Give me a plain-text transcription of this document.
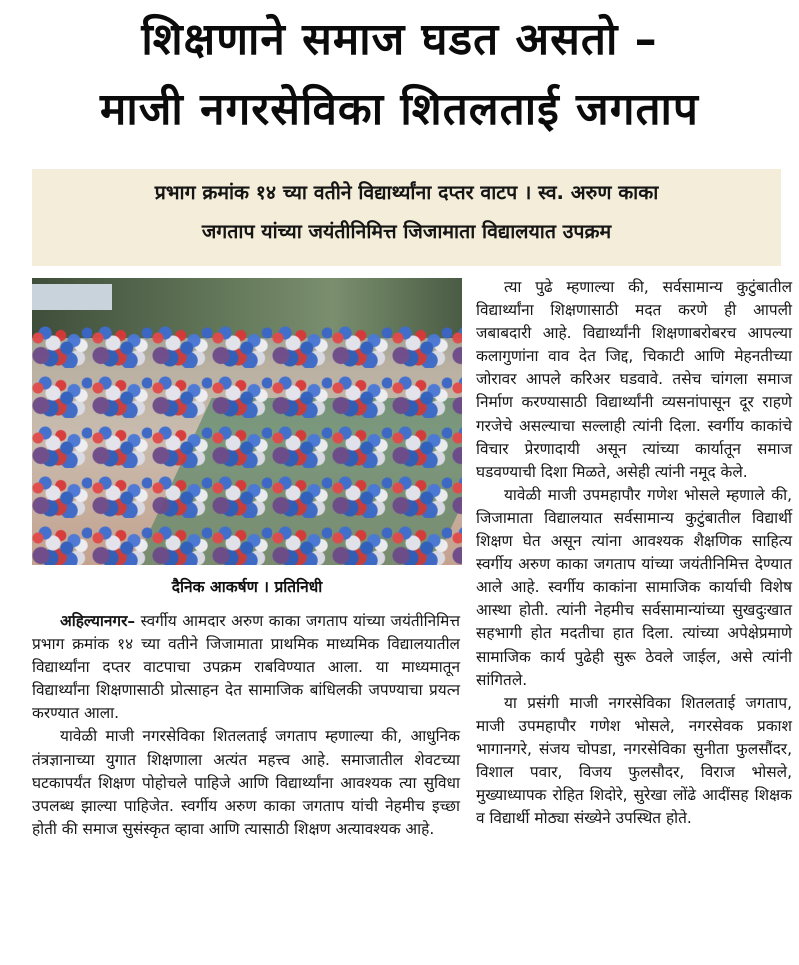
शिक्षणाने समाज घडत असतो –
माजी नगरसेविका शितलताई जगताप
प्रभाग क्रमांक १४ च्या वतीने विद्यार्थ्यांना दप्तर वाटप । स्व. अरुण काका
जगताप यांच्या जयंतीनिमित्त जिजामाता विद्यालयात उपक्रम
दैनिक आकर्षण । प्रतिनिधी

अहिल्यानगर– स्वर्गीय आमदार अरुण काका जगताप यांच्या जयंतीनिमित्त प्रभाग क्रमांक १४ च्या वतीने जिजामाता प्राथमिक माध्यमिक विद्यालयातील विद्यार्थ्यांना दप्तर वाटपाचा उपक्रम राबविण्यात आला. या माध्यमातून विद्यार्थ्यांना शिक्षणासाठी प्रोत्साहन देत सामाजिक बांधिलकी जपण्याचा प्रयत्न करण्यात आला.

यावेळी माजी नगरसेविका शितलताई जगताप म्हणाल्या की, आधुनिक तंत्रज्ञानाच्या युगात शिक्षणाला अत्यंत महत्त्व आहे. समाजातील शेवटच्या घटकापर्यंत शिक्षण पोहोचले पाहिजे आणि विद्यार्थ्यांना आवश्यक त्या सुविधा उपलब्ध झाल्या पाहिजेत. स्वर्गीय अरुण काका जगताप यांची नेहमीच इच्छा होती की समाज सुसंस्कृत व्हावा आणि त्यासाठी शिक्षण अत्यावश्यक आहे.

त्या पुढे म्हणाल्या की, सर्वसामान्य कुटुंबातील विद्यार्थ्यांना शिक्षणासाठी मदत करणे ही आपली जबाबदारी आहे. विद्यार्थ्यांनी शिक्षणाबरोबरच आपल्या कलागुणांना वाव देत जिद्द, चिकाटी आणि मेहनतीच्या जोरावर आपले करिअर घडवावे. तसेच चांगला समाज निर्माण करण्यासाठी विद्यार्थ्यांनी व्यसनांपासून दूर राहणे गरजेचे असल्याचा सल्लाही त्यांनी दिला. स्वर्गीय काकांचे विचार प्रेरणादायी असून त्यांच्या कार्यातून समाज घडवण्याची दिशा मिळते, असेही त्यांनी नमूद केले.

यावेळी माजी उपमहापौर गणेश भोसले म्हणाले की, जिजामाता विद्यालयात सर्वसामान्य कुटुंबातील विद्यार्थी शिक्षण घेत असून त्यांना आवश्यक शैक्षणिक साहित्य स्वर्गीय अरुण काका जगताप यांच्या जयंतीनिमित्त देण्यात आले आहे. स्वर्गीय काकांना सामाजिक कार्याची विशेष आस्था होती. त्यांनी नेहमीच सर्वसामान्यांच्या सुखदुःखात सहभागी होत मदतीचा हात दिला. त्यांच्या अपेक्षेप्रमाणे सामाजिक कार्य पुढेही सुरू ठेवले जाईल, असे त्यांनी सांगितले.

या प्रसंगी माजी नगरसेविका शितलताई जगताप, माजी उपमहापौर गणेश भोसले, नगरसेवक प्रकाश भागानगरे, संजय चोपडा, नगरसेविका सुनीता फुलसौंदर, विशाल पवार, विजय फुलसौदर, विराज भोसले, मुख्याध्यापक रोहित शिदोरे, सुरेखा लोंढे आदींसह शिक्षक व विद्यार्थी मोठ्या संख्येने उपस्थित होते.
